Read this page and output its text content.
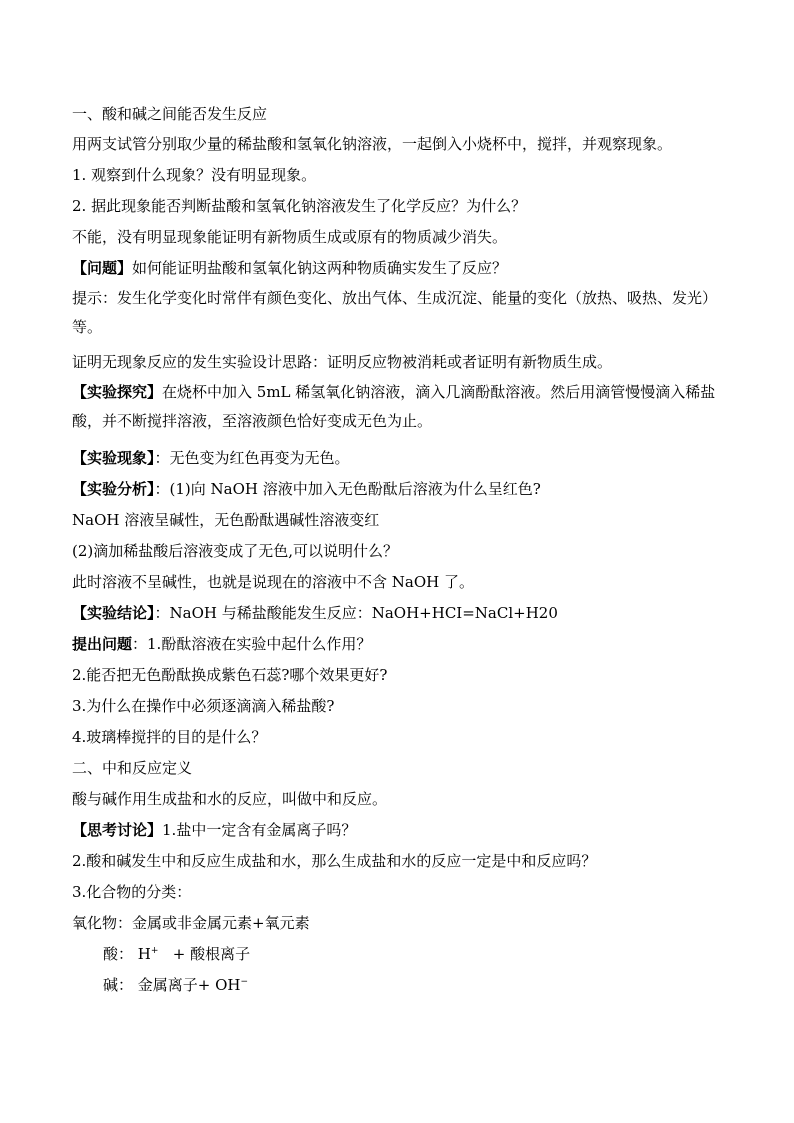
一、酸和碱之间能否发生反应
用两支试管分别取少量的稀盐酸和氢氧化钠溶液，一起倒入小烧杯中，搅拌，并观察现象。
1. 观察到什么现象？没有明显现象。
2. 据此现象能否判断盐酸和氢氧化钠溶液发生了化学反应？为什么？
不能，没有明显现象能证明有新物质生成或原有的物质减少消失。
【问题】如何能证明盐酸和氢氧化钠这两种物质确实发生了反应？
提示：发生化学变化时常伴有颜色变化、放出气体、生成沉淀、能量的变化（放热、吸热、发光）等。
证明无现象反应的发生实验设计思路：证明反应物被消耗或者证明有新物质生成。
【实验探究】在烧杯中加入 5mL 稀氢氧化钠溶液，滴入几滴酚酞溶液。然后用滴管慢慢滴入稀盐酸，并不断搅拌溶液，至溶液颜色恰好变成无色为止。
【实验现象】：无色变为红色再变为无色。
【实验分析】：(1)向 NaOH 溶液中加入无色酚酞后溶液为什么呈红色?
NaOH 溶液呈碱性，无色酚酞遇碱性溶液变红
(2)滴加稀盐酸后溶液变成了无色,可以说明什么？
此时溶液不呈碱性，也就是说现在的溶液中不含 NaOH 了。
【实验结论】：NaOH 与稀盐酸能发生反应：NaOH+HCI=NaCl+H20
提出问题：1.酚酞溶液在实验中起什么作用？
2.能否把无色酚酞换成紫色石蕊?哪个效果更好?
3.为什么在操作中必须逐滴滴入稀盐酸?
4.玻璃棒搅拌的目的是什么？
二、中和反应定义
酸与碱作用生成盐和水的反应，叫做中和反应。
【思考讨论】1.盐中一定含有金属离子吗？
2.酸和碱发生中和反应生成盐和水，那么生成盐和水的反应一定是中和反应吗？
3.化合物的分类：
氧化物：金属或非金属元素+氧元素
酸： H+   + 酸根离子
碱： 金属离子+ OH−
